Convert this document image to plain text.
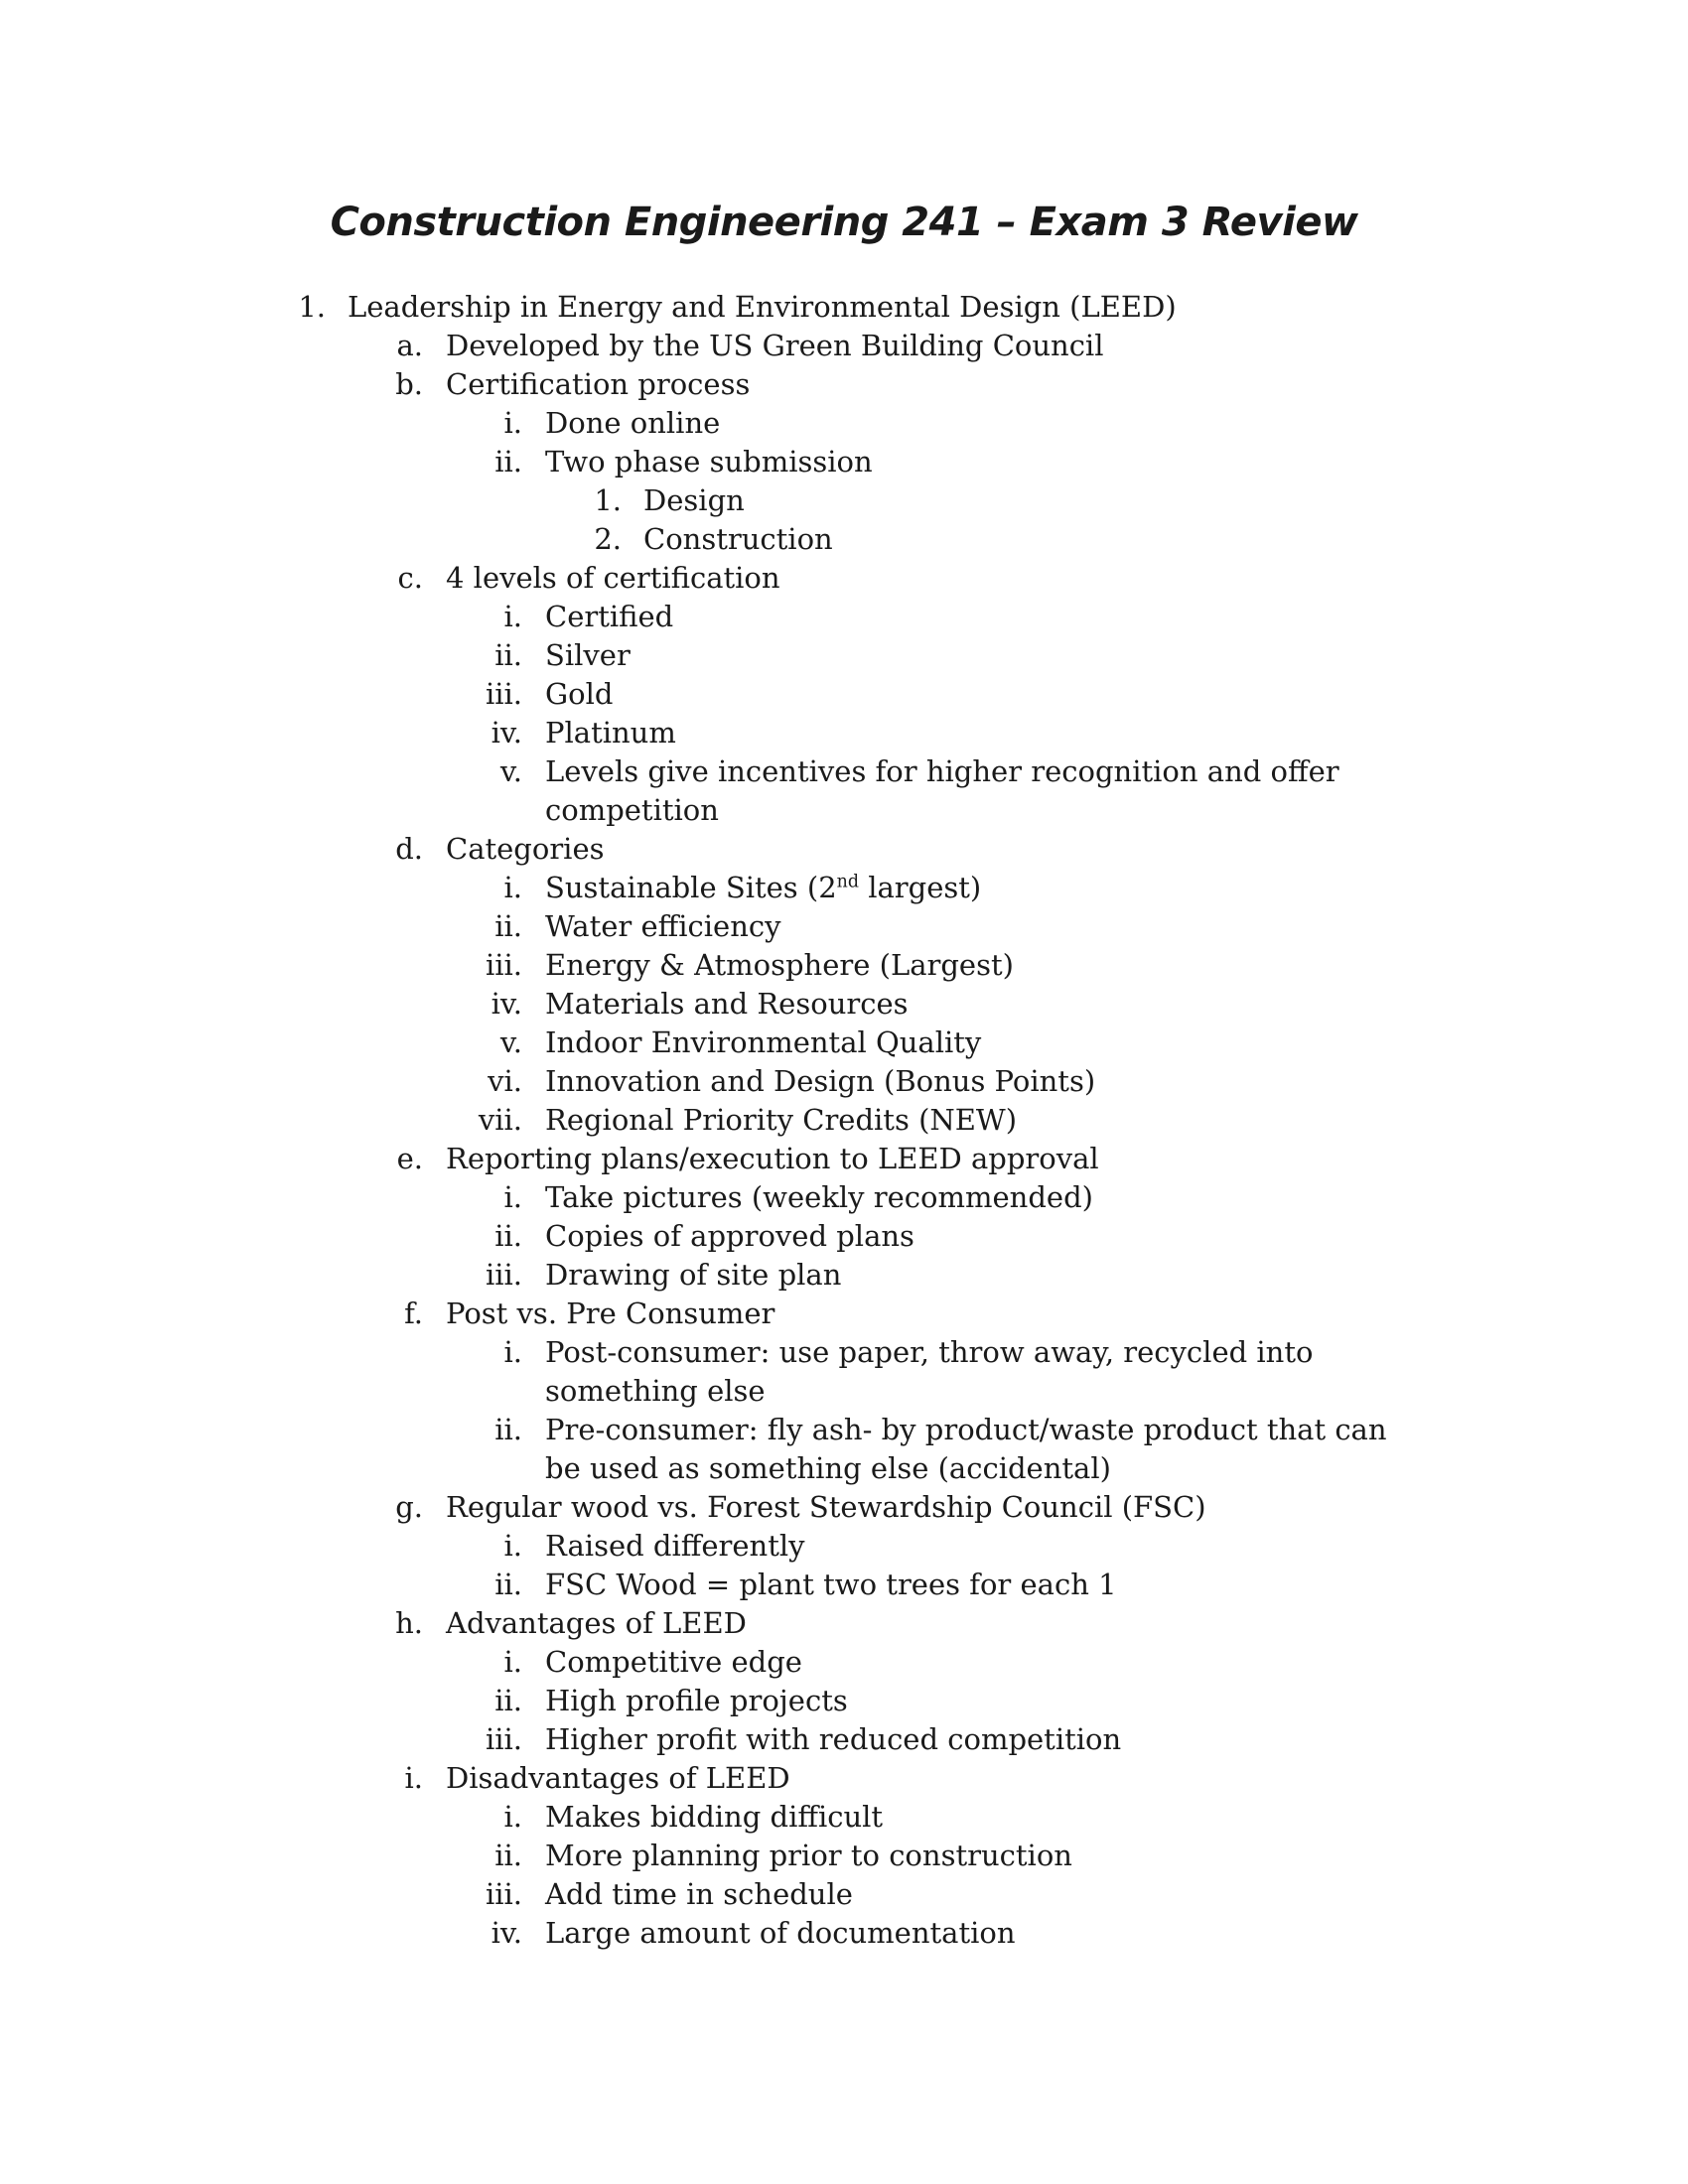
Construction Engineering 241 – Exam 3 Review
1. Leadership in Energy and Environmental Design (LEED)
a. Developed by the US Green Building Council
b. Certification process
i. Done online
ii. Two phase submission
1. Design
2. Construction
c. 4 levels of certification
i. Certified
ii. Silver
iii. Gold
iv. Platinum
v. Levels give incentives for higher recognition and offer competition
d. Categories
i. Sustainable Sites (2nd largest)
ii. Water efficiency
iii. Energy & Atmosphere (Largest)
iv. Materials and Resources
v. Indoor Environmental Quality
vi. Innovation and Design (Bonus Points)
vii. Regional Priority Credits (NEW)
e. Reporting plans/execution to LEED approval
i. Take pictures (weekly recommended)
ii. Copies of approved plans
iii. Drawing of site plan
f. Post vs. Pre Consumer
i. Post-consumer: use paper, throw away, recycled into something else
ii. Pre-consumer: fly ash- by product/waste product that can be used as something else (accidental)
g. Regular wood vs. Forest Stewardship Council (FSC)
i. Raised differently
ii. FSC Wood = plant two trees for each 1
h. Advantages of LEED
i. Competitive edge
ii. High profile projects
iii. Higher profit with reduced competition
i. Disadvantages of LEED
i. Makes bidding difficult
ii. More planning prior to construction
iii. Add time in schedule
iv. Large amount of documentation
